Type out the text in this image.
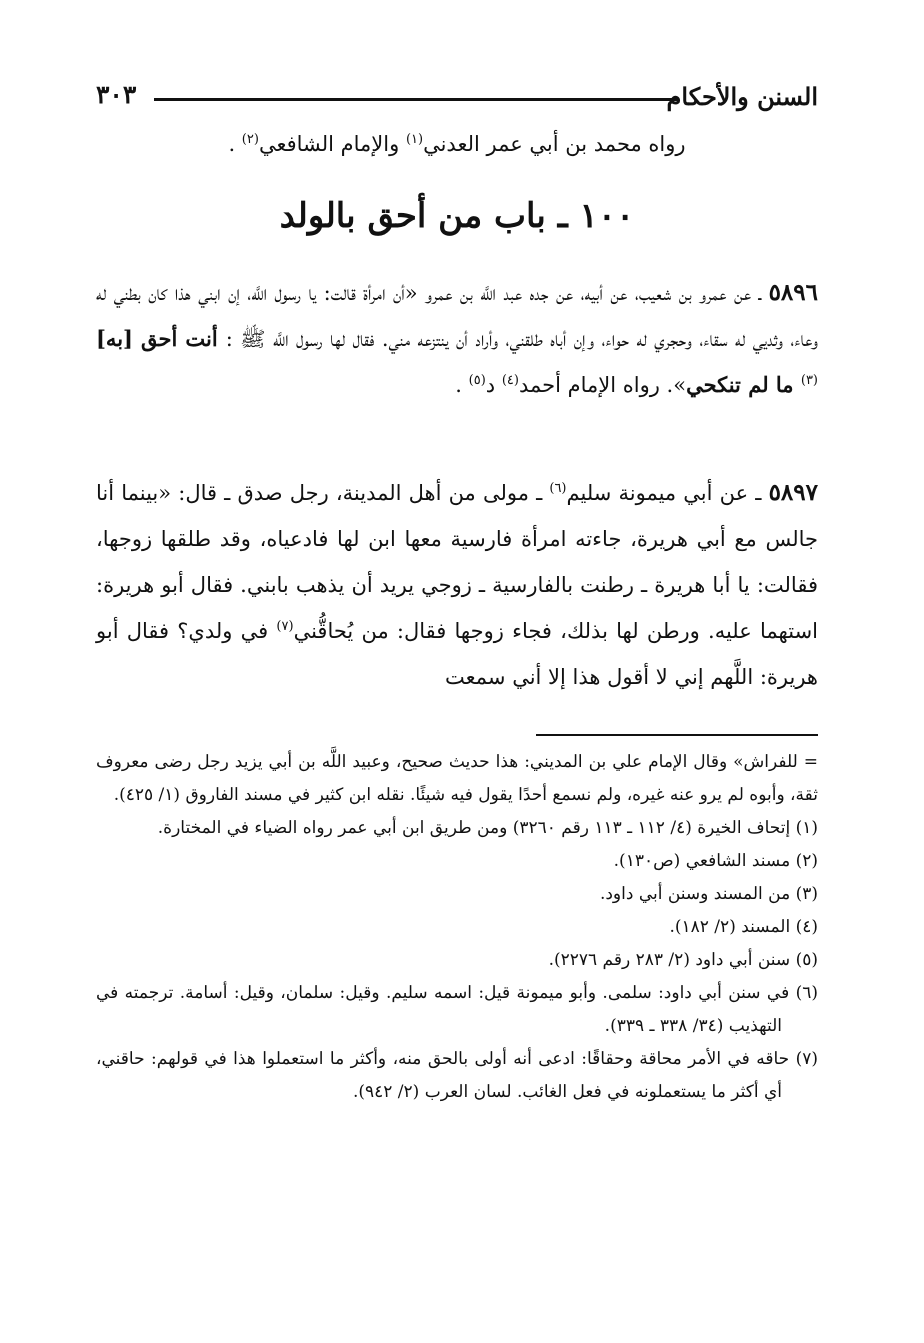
السنن والأحكام
٣٠٣
رواه محمد بن أبي عمر العدني$^{(١)}$ والإمام الشافعي$^{(٢)}$ .
١٠٠ ـ باب من أحق بالولد
٥٨٩٦ ـ عن عمرو بن شعيب، عن أبيه، عن جده عبد اللَّه بن عمرو «أن امرأة قالت: يا رسول اللَّه، إن ابني هذا كان بطني له وعاء، وثديي له سقاء، وحجري له حواء، وإن أباه طلقني، وأراد أن ينتزعه مني. فقال لها رسول اللَّه ﷺ : أنت أحق [به]$^{(٣)}$ ما لم تنكحي». رواه الإمام أحمد$^{(٤)}$ د$^{(٥)}$ .
٥٨٩٧ ـ عن أبي ميمونة سليم$^{(٦)}$ ـ مولى من أهل المدينة، رجل صدق ـ قال: «بينما أنا جالس مع أبي هريرة، جاءته امرأة فارسية معها ابن لها فادعياه، وقد طلقها زوجها، فقالت: يا أبا هريرة ـ رطنت بالفارسية ـ زوجي يريد أن يذهب بابني. فقال أبو هريرة: استهما عليه. ورطن لها بذلك، فجاء زوجها فقال: من يُحاقُّني$^{(٧)}$ في ولدي؟ فقال أبو هريرة: اللَّهم إني لا أقول هذا إلا أني سمعت

= للفراش» وقال الإمام علي بن المديني: هذا حديث صحيح، وعبيد اللَّه بن أبي يزيد رجل رضى معروف ثقة، وأبوه لم يرو عنه غيره، ولم نسمع أحدًا يقول فيه شيئًا. نقله ابن كثير في مسند الفاروق (١/ ٤٢٥).

(١) إتحاف الخيرة (٤/ ١١٢ ـ ١١٣ رقم ٣٢٦٠) ومن طريق ابن أبي عمر رواه الضياء في المختارة.

(٢) مسند الشافعي (ص١٣٠).

(٣) من المسند وسنن أبي داود.

(٤) المسند (٢/ ١٨٢).

(٥) سنن أبي داود (٢/ ٢٨٣ رقم ٢٢٧٦).

(٦) في سنن أبي داود: سلمى. وأبو ميمونة قيل: اسمه سليم. وقيل: سلمان، وقيل: أسامة. ترجمته في التهذيب (٣٤/ ٣٣٨ ـ ٣٣٩).

(٧) حاقه في الأمر محاقة وحقاقًا: ادعى أنه أولى بالحق منه، وأكثر ما استعملوا هذا في قولهم: حاقني، أي أكثر ما يستعملونه في فعل الغائب. لسان العرب (٢/ ٩٤٢).
